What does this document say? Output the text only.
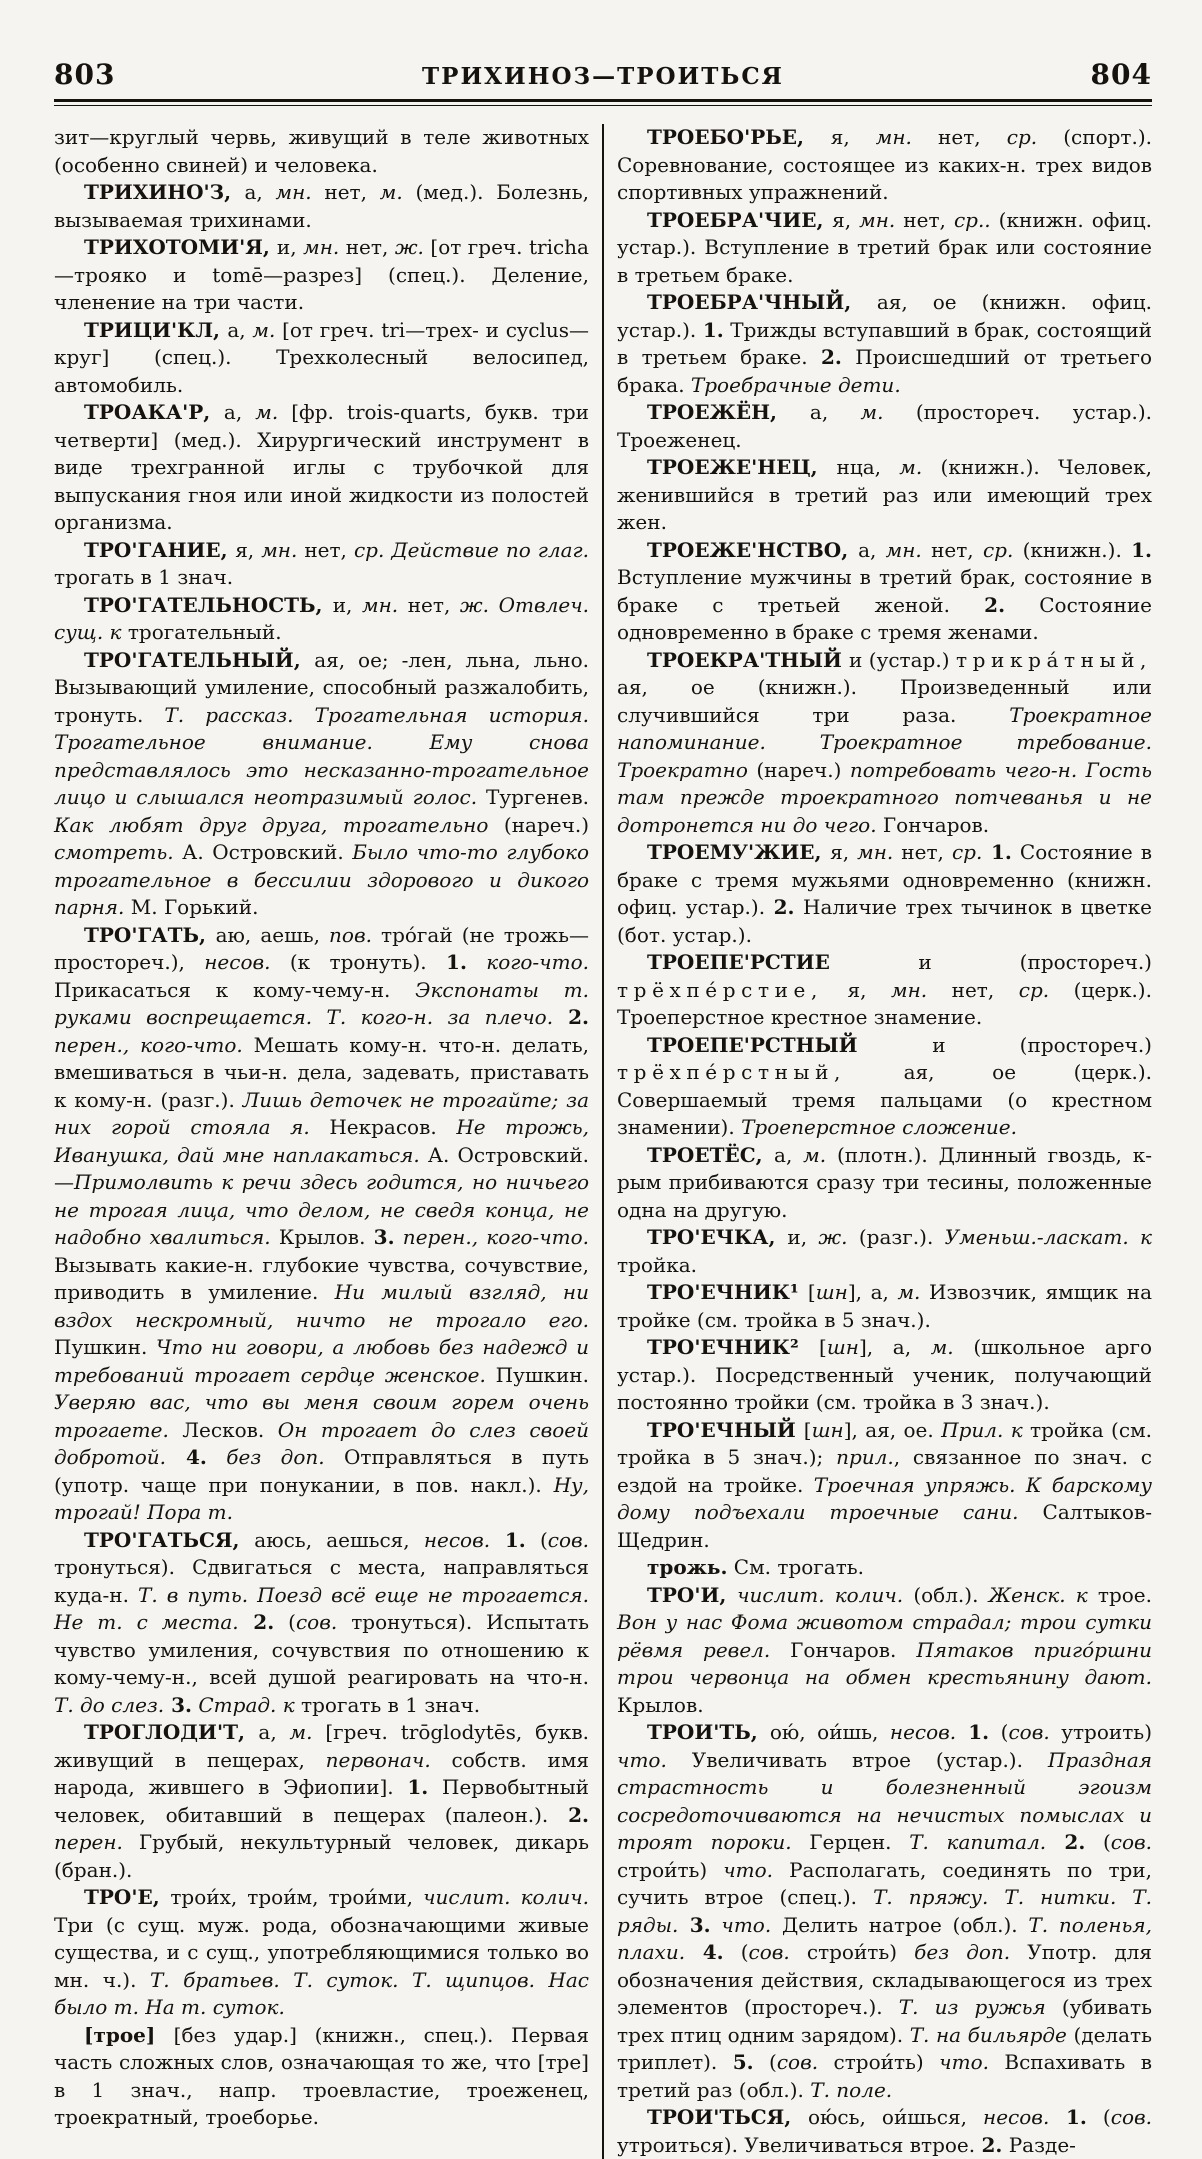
803	ТРИХИНОЗ—ТРОИТЬСЯ	804

зит—круглый червь, живущий в теле животных (особенно свиней) и человека.

ТРИХИНО'З, а, мн. нет, м. (мед.). Болезнь, вызываемая трихинами.

ТРИХОТОМИ'Я, и, мн. нет, ж. [от греч. tricha—трояко и tomē—разрез] (спец.). Деление, членение на три части.

ТРИЦИ'КЛ, а, м. [от греч. tri—трех- и cyclus—круг] (спец.). Трехколесный велосипед, автомобиль.

ТРОАКА'Р, а, м. [фр. trois-quarts, букв. три четверти] (мед.). Хирургический инструмент в виде трехгранной иглы с трубочкой для выпускания гноя или иной жидкости из полостей организма.

ТРО'ГАНИЕ, я, мн. нет, ср. Действие по глаг. трогать в 1 знач.

ТРО'ГАТЕЛЬНОСТЬ, и, мн. нет, ж. Отвлеч. сущ. к трогательный.

ТРО'ГАТЕЛЬНЫЙ, ая, ое; -лен, льна, льно. Вызывающий умиление, способный разжалобить, тронуть. Т. рассказ. Трогательная история. Трогательное внимание. Ему снова представлялось это несказанно-трогательное лицо и слышался неотразимый голос. Тургенев. Как любят друг друга, трогательно (нареч.) смотреть. А. Островский. Было что-то глубоко трогательное в бессилии здорового и дикого парня. М. Горький.

ТРО'ГАТЬ, аю, аешь, пов. тро́гай (не трожь—простореч.), несов. (к тронуть). 1. кого-что. Прикасаться к кому-чему-н. Экспонаты т. руками воспрещается. Т. кого-н. за плечо. 2. перен., кого-что. Мешать кому-н. что-н. делать, вмешиваться в чьи-н. дела, задевать, приставать к кому-н. (разг.). Лишь деточек не трогайте; за них горой стояла я. Некрасов. Не трожь, Иванушка, дай мне наплакаться. А. Островский.—Примолвить к речи здесь годится, но ничьего не трогая лица, что делом, не сведя конца, не надобно хвалиться. Крылов. 3. перен., кого-что. Вызывать какие-н. глубокие чувства, сочувствие, приводить в умиление. Ни милый взгляд, ни вздох нескромный, ничто не трогало его. Пушкин. Что ни говори, а любовь без надежд и требований трогает сердце женское. Пушкин. Уверяю вас, что вы меня своим горем очень трогаете. Лесков. Он трогает до слез своей добротой. 4. без доп. Отправляться в путь (употр. чаще при понукании, в пов. накл.). Ну, трогай! Пора т.

ТРО'ГАТЬСЯ, аюсь, аешься, несов. 1. (сов. тронуться). Сдвигаться с места, направляться куда-н. Т. в путь. Поезд всё еще не трогается. Не т. с места. 2. (сов. тронуться). Испытать чувство умиления, сочувствия по отношению к кому-чему-н., всей душой реагировать на что-н. Т. до слез. 3. Страд. к трогать в 1 знач.

ТРОГЛОДИ'Т, а, м. [греч. trōglodytēs, букв. живущий в пещерах, первонач. собств. имя народа, жившего в Эфиопии]. 1. Первобытный человек, обитавший в пещерах (палеон.). 2. перен. Грубый, некультурный человек, дикарь (бран.).

ТРО'Е, трои́х, трои́м, трои́ми, числит. колич. Три (с сущ. муж. рода, обозначающими живые существа, и с сущ., употребляющимися только во мн. ч.). Т. братьев. Т. суток. Т. щипцов. Нас было т. На т. суток.

[трое] [без удар.] (книжн., спец.). Первая часть сложных слов, означающая то же, что [тре] в 1 знач., напр. троевластие, троеженец, троекратный, троеборье.

ТРОЕБО'РЬЕ, я, мн. нет, ср. (спорт.). Соревнование, состоящее из каких-н. трех видов спортивных упражнений.

ТРОЕБРА'ЧИЕ, я, мн. нет, ср.. (книжн. офиц. устар.). Вступление в третий брак или состояние в третьем браке.

ТРОЕБРА'ЧНЫЙ, ая, ое (книжн. офиц. устар.). 1. Трижды вступавший в брак, состоящий в третьем браке. 2. Происшедший от третьего брака. Троебрачные дети.

ТРОЕЖЁН, а, м. (простореч. устар.). Троеженец.

ТРОЕЖЕ'НЕЦ, нца, м. (книжн.). Человек, женившийся в третий раз или имеющий трех жен.

ТРОЕЖЕ'НСТВО, а, мн. нет, ср. (книжн.). 1. Вступление мужчины в третий брак, состояние в браке с третьей женой. 2. Состояние одновременно в браке с тремя женами.

ТРОЕКРА'ТНЫЙ и (устар.) трикра́тный, ая, ое (книжн.). Произведенный или случившийся три раза. Троекратное напоминание. Троекратное требование. Троекратно (нареч.) потребовать чего-н. Гость там прежде троекратного потчеванья и не дотронется ни до чего. Гончаров.

ТРОЕМУ'ЖИЕ, я, мн. нет, ср. 1. Состояние в браке с тремя мужьями одновременно (книжн. офиц. устар.). 2. Наличие трех тычинок в цветке (бот. устар.).

ТРОЕПЕ'РСТИЕ и (простореч.) трёхпе́рстие, я, мн. нет, ср. (церк.). Троеперстное крестное знамение.

ТРОЕПЕ'РСТНЫЙ и (простореч.) трёхпе́рстный, ая, ое (церк.). Совершаемый тремя пальцами (о крестном знамении). Троеперстное сложение.

ТРОЕТЁС, а, м. (плотн.). Длинный гвоздь, к-рым прибиваются сразу три тесины, положенные одна на другую.

ТРО'ЕЧКА, и, ж. (разг.). Уменьш.-ласкат. к тройка.

ТРО'ЕЧНИК¹ [шн], а, м. Извозчик, ямщик на тройке (см. тройка в 5 знач.).

ТРО'ЕЧНИК² [шн], а, м. (школьное арго устар.). Посредственный ученик, получающий постоянно тройки (см. тройка в 3 знач.).

ТРО'ЕЧНЫЙ [шн], ая, ое. Прил. к тройка (см. тройка в 5 знач.); прил., связанное по знач. с ездой на тройке. Троечная упряжь. К барскому дому подъехали троечные сани. Салтыков-Щедрин.

трожь. См. трогать.

ТРО'И, числит. колич. (обл.). Женск. к трое. Вон у нас Фома животом страдал; трои сутки рёвмя ревел. Гончаров. Пятаков приго́ршни трои червонца на обмен крестьянину дают. Крылов.

ТРОИ'ТЬ, ою́, ои́шь, несов. 1. (сов. утроить) что. Увеличивать втрое (устар.). Праздная страстность и болезненный эгоизм сосредоточиваются на нечистых помыслах и троят пороки. Герцен. Т. капитал. 2. (сов. строи́ть) что. Располагать, соединять по три, сучить втрое (спец.). Т. пряжу. Т. нитки. Т. ряды. 3. что. Делить натрое (обл.). Т. поленья, плахи. 4. (сов. строи́ть) без доп. Употр. для обозначения действия, складывающегося из трех элементов (простореч.). Т. из ружья (убивать трех птиц одним зарядом). Т. на бильярде (делать триплет). 5. (сов. строи́ть) что. Вспахивать в третий раз (обл.). Т. поле.

ТРОИ'ТЬСЯ, ою́сь, ои́шься, несов. 1. (сов. утроиться). Увеличиваться втрое. 2. Разде-
